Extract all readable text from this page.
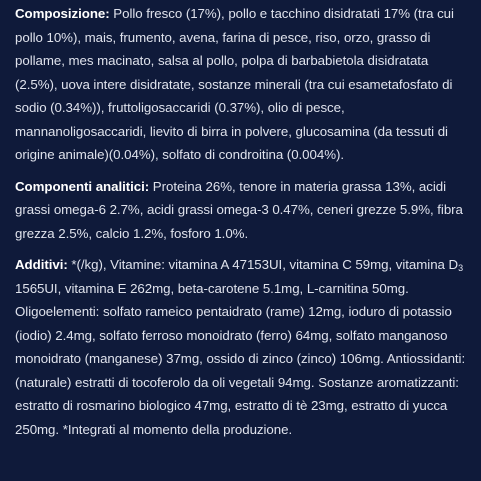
Composizione: Pollo fresco (17%), pollo e tacchino disidratati 17% (tra cui pollo 10%), mais, frumento, avena, farina di pesce, riso, orzo, grasso di pollame, mes macinato, salsa al pollo, polpa di barbabietola disidratata (2.5%), uova intere disidratate, sostanze minerali (tra cui esametafosfato di sodio (0.34%)), fruttoligosaccaridi (0.37%), olio di pesce, mannanoligosaccaridi, lievito di birra in polvere, glucosamina (da tessuti di origine animale)(0.04%), solfato di condroitina (0.004%).

Componenti analitici: Proteina 26%, tenore in materia grassa 13%, acidi grassi omega-6 2.7%, acidi grassi omega-3 0.47%, ceneri grezze 5.9%, fibra grezza 2.5%, calcio 1.2%, fosforo 1.0%.

Additivi: *(/kg), Vitamine: vitamina A 47153UI, vitamina C 59mg, vitamina $D_3$ 1565UI, vitamina E 262mg, beta-carotene 5.1mg, L-carnitina 50mg. Oligoelementi: solfato rameico pentaidrato (rame) 12mg, ioduro di potassio (iodio) 2.4mg, solfato ferroso monoidrato (ferro) 64mg, solfato manganoso monoidrato (manganese) 37mg, ossido di zinco (zinco) 106mg. Antiossidanti: (naturale) estratti di tocoferolo da oli vegetali 94mg. Sostanze aromatizzanti: estratto di rosmarino biologico 47mg, estratto di tè 23mg, estratto di yucca 250mg. *Integrati al momento della produzione.
